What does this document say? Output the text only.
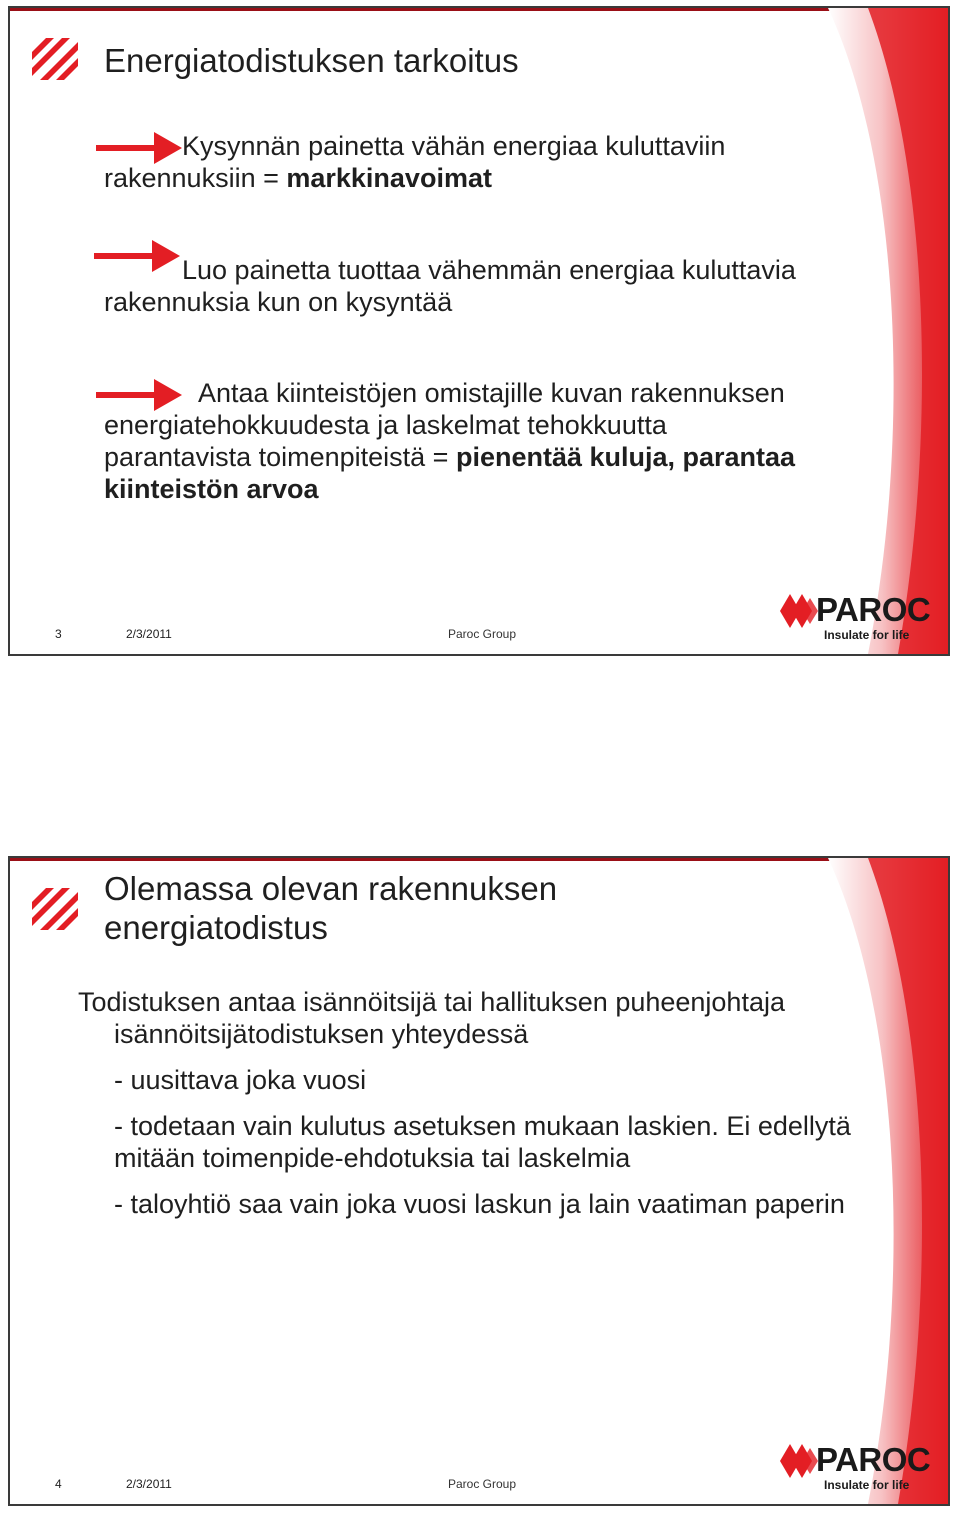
Energiatodistuksen tarkoitus
Kysynnän painetta vähän energiaa kuluttaviin
rakennuksiin = markkinavoimat
Luo painetta tuottaa vähemmän energiaa kuluttavia
rakennuksia kun on kysyntää
Antaa kiinteistöjen omistajille kuvan rakennuksen
energiatehokkuudesta ja laskelmat tehokkuutta
parantavista toimenpiteistä = pienentää kuluja, parantaa
kiinteistön arvoa
3	2/3/2011	Paroc Group
PAROC
Insulate for life
Olemassa olevan rakennuksen
energiatodistus

Todistuksen antaa isännöitsijä tai hallituksen puheenjohtaja isännöitsijätodistuksen yhteydessä

- uusittava joka vuosi

- todetaan vain kulutus asetuksen mukaan laskien. Ei edellytä mitään toimenpide-ehdotuksia tai laskelmia

- taloyhtiö saa vain joka vuosi laskun ja lain vaatiman paperin

4	2/3/2011	Paroc Group
PAROC
Insulate for life
